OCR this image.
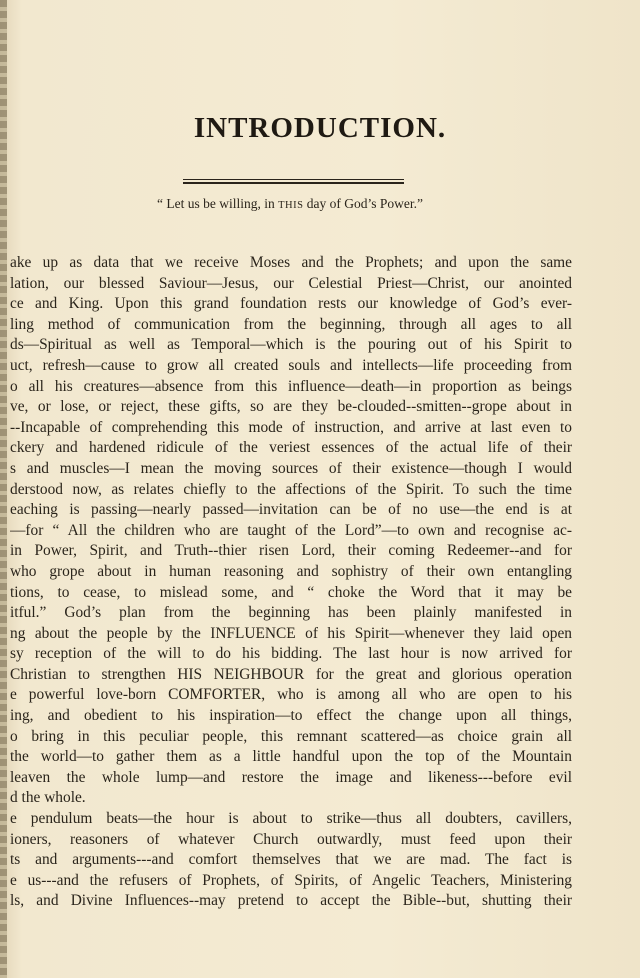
INTRODUCTION.
“ Let us be willing, in THIS day of God’s Power.”
ake up as data that we receive Moses and the Prophets; and upon the same
lation, our blessed Saviour—Jesus, our Celestial Priest—Christ, our anointed
ce and King. Upon this grand foundation rests our knowledge of God’s ever-
ling method of communication from the beginning, through all ages to all
ds—Spiritual as well as Temporal—which is the pouring out of his Spirit to
uct, refresh—cause to grow all created souls and intellects—life proceeding from
o all his creatures—absence from this influence—death—in proportion as beings
ve, or lose, or reject, these gifts, so are they be-clouded--smitten--grope about in
--Incapable of comprehending this mode of instruction, and arrive at last even to
ckery and hardened ridicule of the veriest essences of the actual life of their
s and muscles—I mean the moving sources of their existence—though I would
derstood now, as relates chiefly to the affections of the Spirit. To such the time
eaching is passing—nearly passed—invitation can be of no use—the end is at
—for “ All the children who are taught of the Lord”—to own and recognise ac-
in Power, Spirit, and Truth--thier risen Lord, their coming Redeemer--and for
who grope about in human reasoning and sophistry of their own entangling
tions, to cease, to mislead some, and “ choke the Word that it may be
itful.” God’s plan from the beginning has been plainly manifested in
ng about the people by the INFLUENCE of his Spirit—whenever they laid open
sy reception of the will to do his bidding. The last hour is now arrived for
Christian to strengthen HIS NEIGHBOUR for the great and glorious operation
e powerful love-born COMFORTER, who is among all who are open to his
ing, and obedient to his inspiration—to effect the change upon all things,
o bring in this peculiar people, this remnant scattered—as choice grain all
the world—to gather them as a little handful upon the top of the Mountain
leaven the whole lump—and restore the image and likeness---before evil
d the whole.
e pendulum beats—the hour is about to strike—thus all doubters, cavillers,
ioners, reasoners of whatever Church outwardly, must feed upon their
ts and arguments---and comfort themselves that we are mad. The fact is
e us---and the refusers of Prophets, of Spirits, of Angelic Teachers, Ministering
ls, and Divine Influences--may pretend to accept the Bible--but, shutting their
